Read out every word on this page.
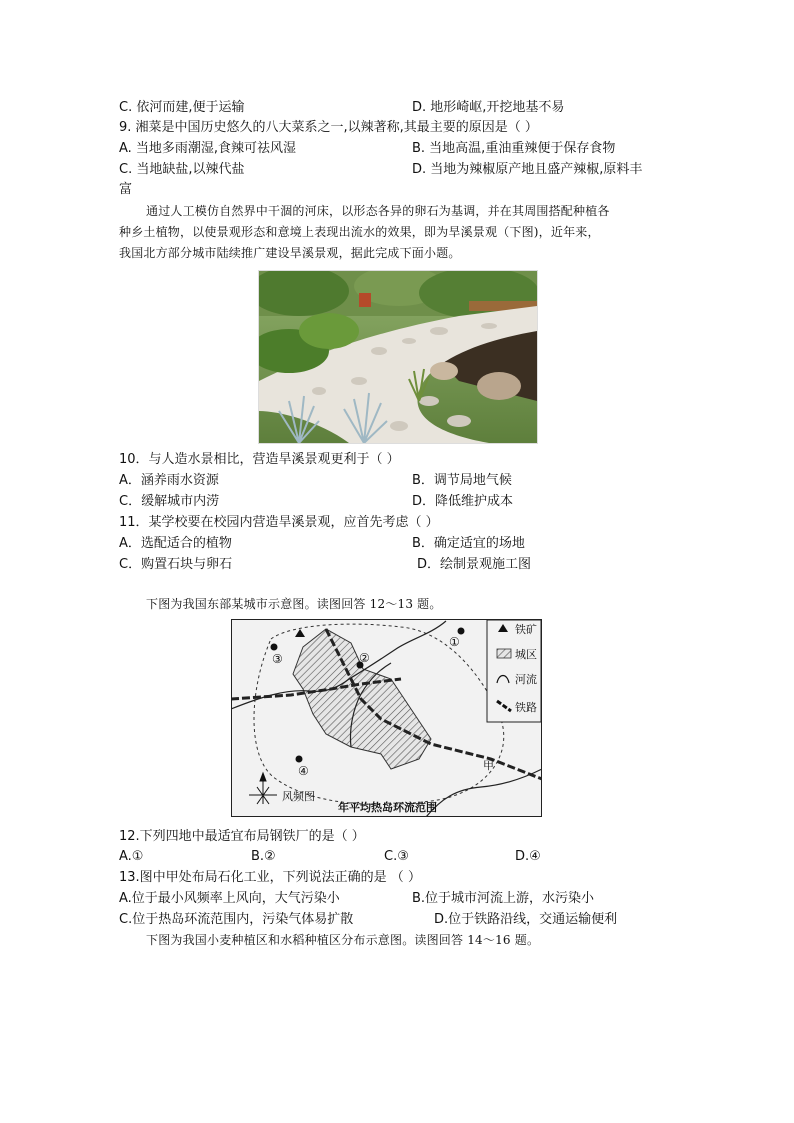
C. 依河而建,便于运输	D. 地形崎岖,开挖地基不易
9. 湘菜是中国历史悠久的八大菜系之一,以辣著称,其最主要的原因是（ ）
A. 当地多雨潮湿,食辣可祛风湿	B. 当地高温,重油重辣便于保存食物
C. 当地缺盐,以辣代盐	D. 当地为辣椒原产地且盛产辣椒,原料丰
富
通过人工模仿自然界中干涸的河床，以形态各异的卵石为基调，并在其周围搭配种植各
种乡土植物，以使景观形态和意境上表现出流水的效果，即为旱溪景观（下图)，近年来，
我国北方部分城市陆续推广建设旱溪景观，据此完成下面小题。
10．与人造水景相比，营造旱溪景观更利于（ ）
A．涵养雨水资源	B．调节局地气候
C．缓解城市内涝	D．降低维护成本
11．某学校要在校园内营造旱溪景观，应首先考虑（ ）
A．选配适合的植物	B．确定适宜的场地
C．购置石块与卵石	D．绘制景观施工图
下图为我国东部某城市示意图。读图回答 12～13 题。
铁矿
城区
河流
铁路
①
②
③
④	甲
风频图
年平均热岛环流范围
12.下列四地中最适宜布局钢铁厂的是（ ）
A.①	B.②	C.③	D.④
13.图中甲处布局石化工业，下列说法正确的是 （ ）
A.位于最小风频率上风向，大气污染小	B.位于城市河流上游，水污染小
C.位于热岛环流范围内，污染气体易扩散	D.位于铁路沿线，交通运输便利
下图为我国小麦种植区和水稻种植区分布示意图。读图回答 14～16 题。
